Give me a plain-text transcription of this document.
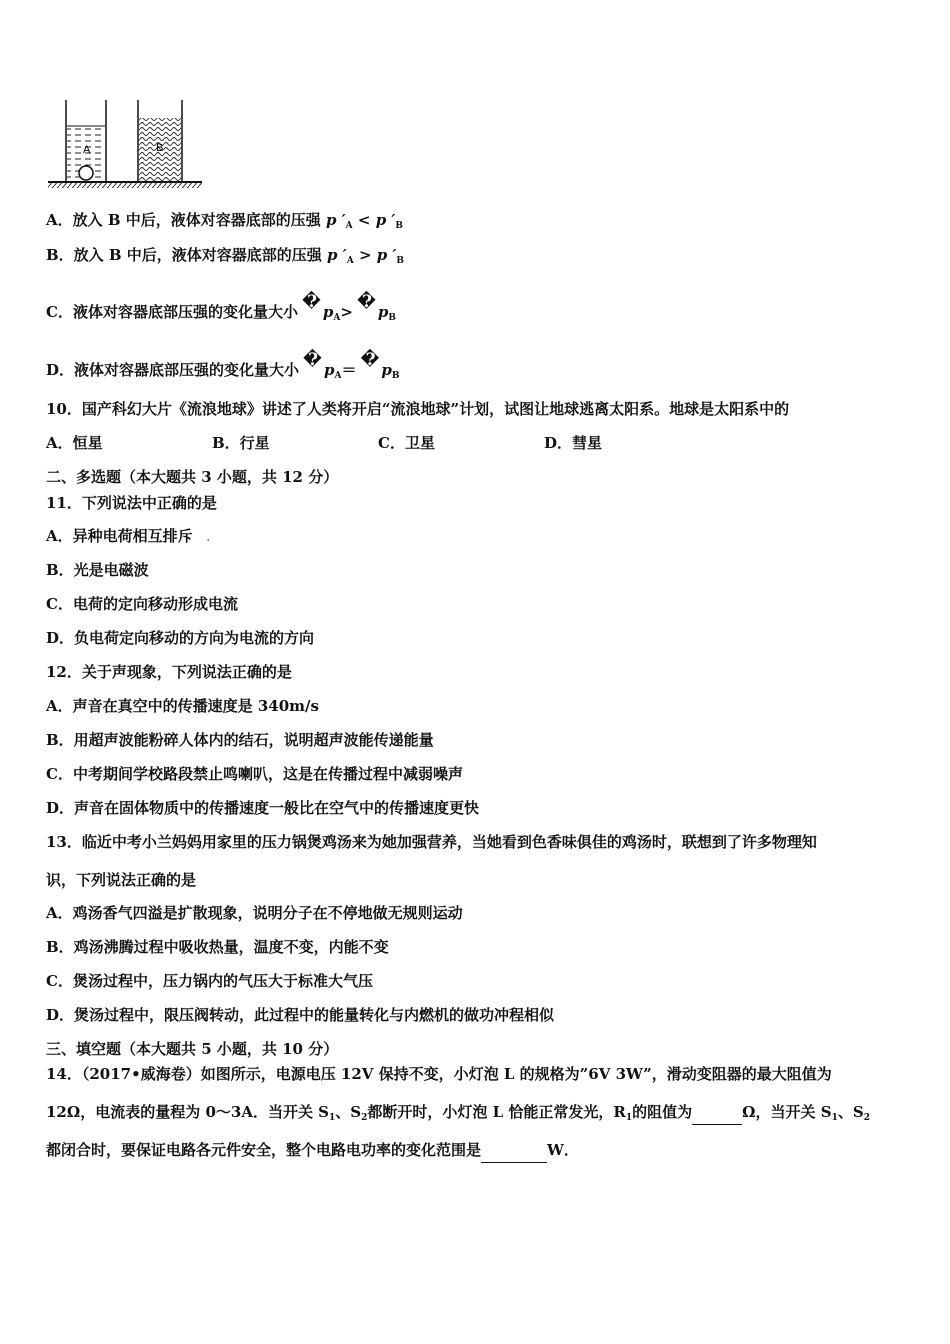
A	B
A．放入 B 中后，液体对容器底部的压强 p $'_A < p$ $'_B$
B．放入 B 中后，液体对容器底部的压强 p $'_A > p$ $'_B$
C．液体对容器底部压强的变化量大小 � $p_A>$ � $p_B$
D．液体对容器底部压强的变化量大小 � $p_A=$ � $p_B$
10．国产科幻大片《流浪地球》讲述了人类将开启“流浪地球”计划，试图让地球逃离太阳系。地球是太阳系中的
A．恒星	B．行星	C．卫星	D．彗星
二、多选题（本大题共 3 小题，共 12 分）
11．下列说法中正确的是
A．异种电荷相互排斥 .
B．光是电磁波
C．电荷的定向移动形成电流
D．负电荷定向移动的方向为电流的方向
12．关于声现象，下列说法正确的是
A．声音在真空中的传播速度是 340m/s
B．用超声波能粉碎人体内的结石，说明超声波能传递能量
C．中考期间学校路段禁止鸣喇叭，这是在传播过程中减弱噪声
D．声音在固体物质中的传播速度一般比在空气中的传播速度更快
13．临近中考小兰妈妈用家里的压力锅煲鸡汤来为她加强营养，当她看到色香味俱佳的鸡汤时，联想到了许多物理知
识，下列说法正确的是
A．鸡汤香气四溢是扩散现象，说明分子在不停地做无规则运动
B．鸡汤沸腾过程中吸收热量，温度不变，内能不变
C．煲汤过程中，压力锅内的气压大于标准大气压
D．煲汤过程中，限压阀转动，此过程中的能量转化与内燃机的做功冲程相似
三、填空题（本大题共 5 小题，共 10 分）
14．（2017•威海卷）如图所示，电源电压 12V 保持不变，小灯泡 L 的规格为”6V 3W”，滑动变阻器的最大阻值为
12Ω，电流表的量程为 0～3A．当开关 $S_1$、$S_2$都断开时，小灯泡 L 恰能正常发光，$R_1$的阻值为	Ω，当开关 $S_1$、$S_2$
都闭合时，要保证电路各元件安全，整个电路电功率的变化范围是	W．
